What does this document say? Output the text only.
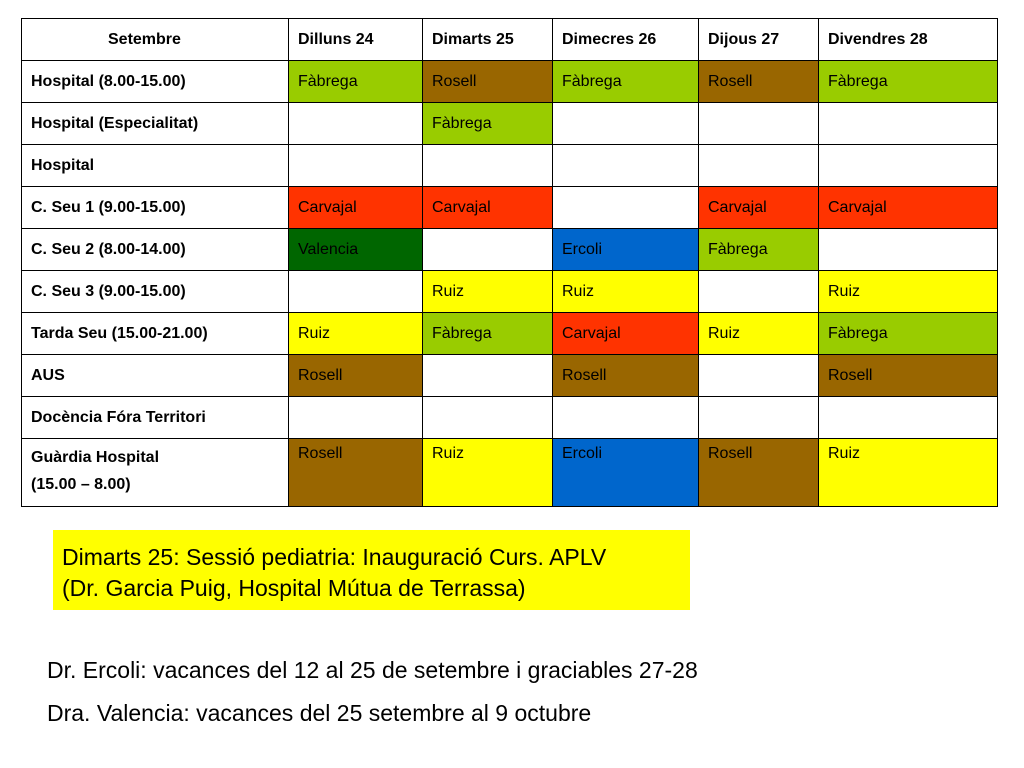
Setembre	Dilluns 24	Dimarts 25	Dimecres 26	Dijous 27	Divendres 28

Hospital (8.00-15.00)	Fàbrega	Rosell	Fàbrega	Rosell	Fàbrega

Hospital (Especialitat)		Fàbrega			

Hospital					

C. Seu 1 (9.00-15.00)	Carvajal	Carvajal		Carvajal	Carvajal

C. Seu 2 (8.00-14.00)	Valencia		Ercoli	Fàbrega	

C. Seu 3 (9.00-15.00)		Ruiz	Ruiz		Ruiz

Tarda Seu (15.00-21.00)	Ruiz	Fàbrega	Carvajal	Ruiz	Fàbrega

AUS	Rosell		Rosell		Rosell

Docència Fóra Territori					

Guàrdia Hospital
(15.00 – 8.00)	Rosell	Ruiz	Ercoli	Rosell	Ruiz
Dimarts 25: Sessió pediatria: Inauguració Curs. APLV
(Dr. Garcia Puig, Hospital Mútua de Terrassa)
Dr. Ercoli: vacances del 12 al 25 de setembre i graciables 27-28
Dra. Valencia: vacances del 25 setembre al 9 octubre
